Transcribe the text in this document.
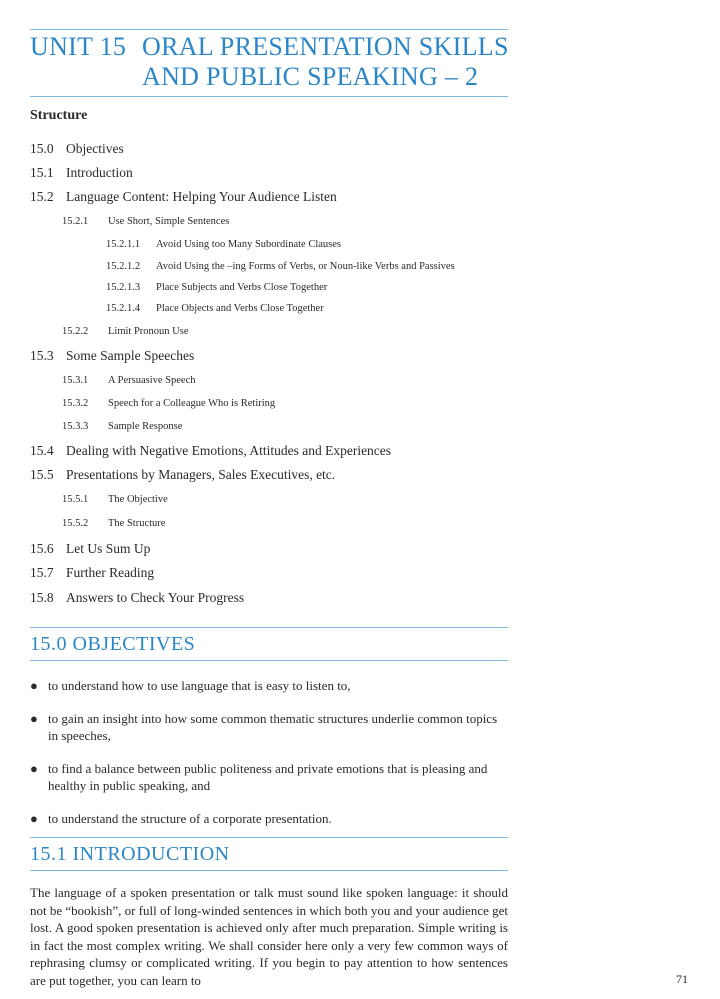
UNIT 15 ORAL PRESENTATION SKILLS
AND PUBLIC SPEAKING – 2
Structure
15.0 Objectives
15.1 Introduction
15.2 Language Content: Helping Your Audience Listen
15.2.1 Use Short, Simple Sentences
15.2.1.1 Avoid Using too Many Subordinate Clauses
15.2.1.2 Avoid Using the –ing Forms of Verbs, or Noun-like Verbs and Passives
15.2.1.3 Place Subjects and Verbs Close Together
15.2.1.4 Place Objects and Verbs Close Together
15.2.2 Limit Pronoun Use
15.3 Some Sample Speeches
15.3.1 A Persuasive Speech
15.3.2 Speech for a Colleague Who is Retiring
15.3.3 Sample Response
15.4 Dealing with Negative Emotions, Attitudes and Experiences
15.5 Presentations by Managers, Sales Executives, etc.
15.5.1 The Objective
15.5.2 The Structure
15.6 Let Us Sum Up
15.7 Further Reading
15.8 Answers to Check Your Progress
15.0 OBJECTIVES
● to understand how to use language that is easy to listen to,
● to gain an insight into how some common thematic structures underlie common topics in speeches,
● to find a balance between public politeness and private emotions that is pleasing and healthy in public speaking, and
● to understand the structure of a corporate presentation.
15.1 INTRODUCTION

The language of a spoken presentation or talk must sound like spoken language: it should not be “bookish”, or full of long-winded sentences in which both you and your audience get lost. A good spoken presentation is achieved only after much preparation. Simple writing is in fact the most complex writing. We shall consider here only a very few common ways of rephrasing clumsy or complicated writing. If you begin to pay attention to how sentences are put together, you can learn to	71
